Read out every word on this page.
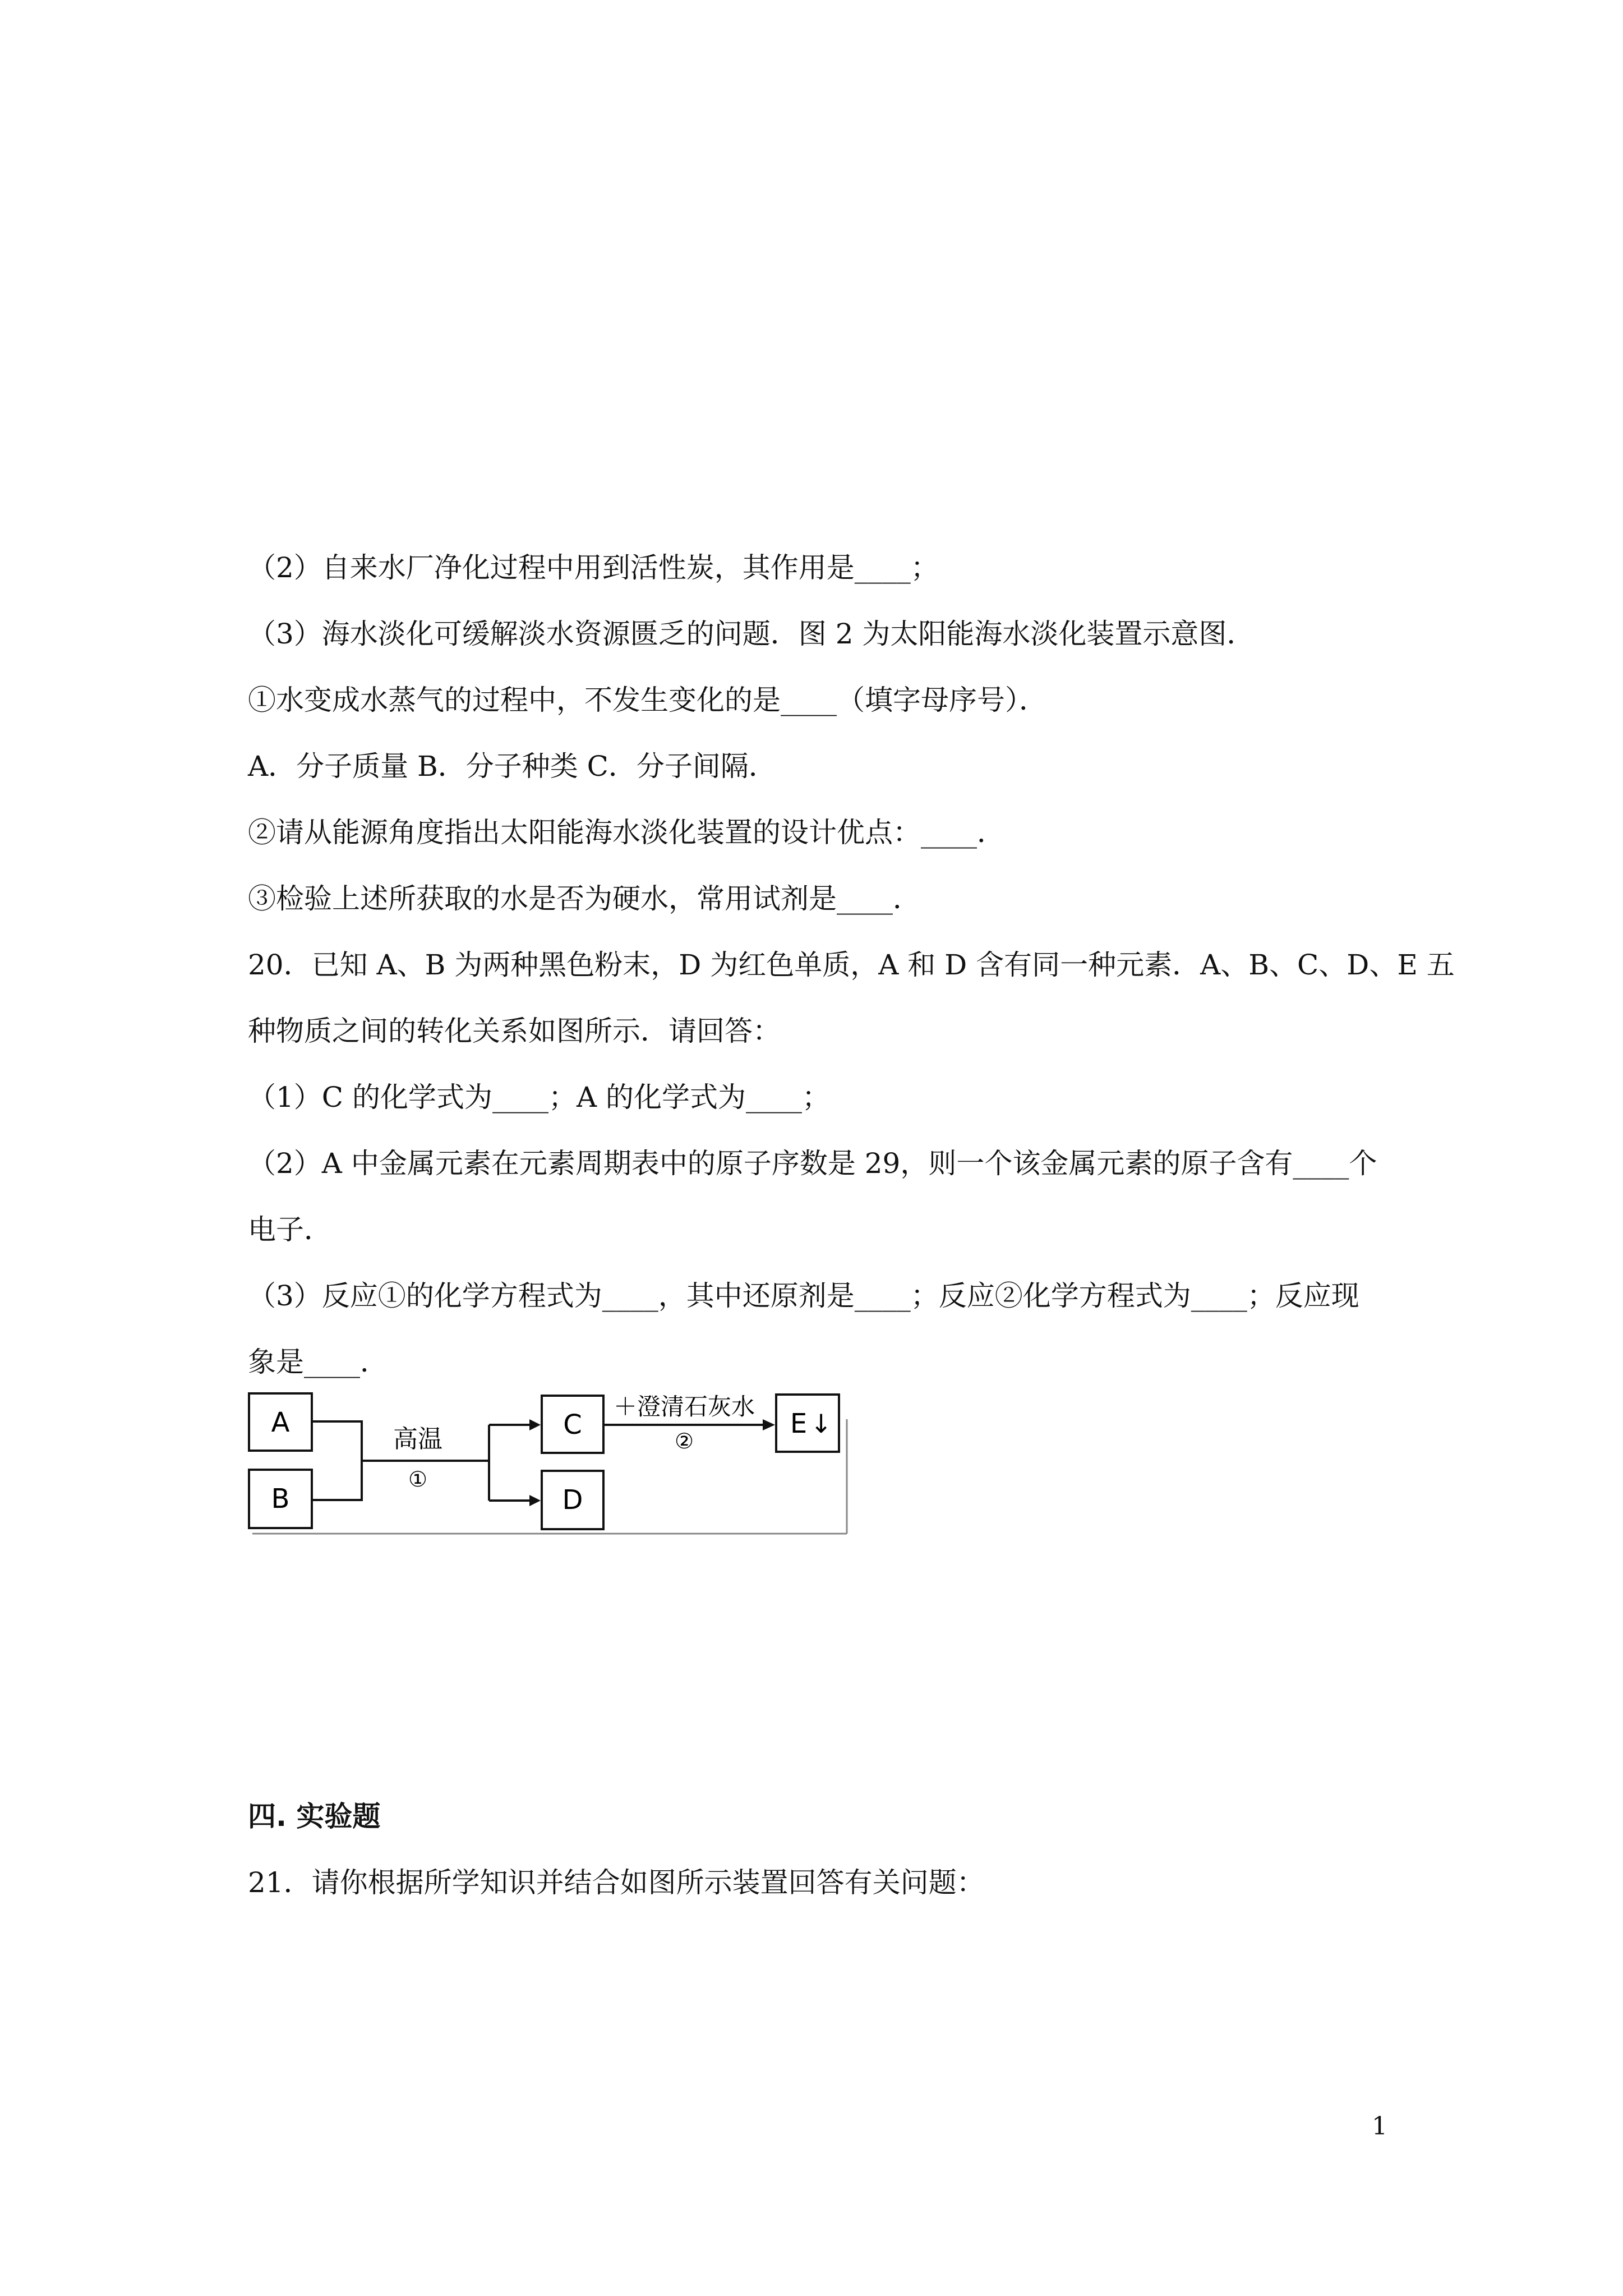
（2）自来水厂净化过程中用到活性炭，其作用是____；
（3）海水淡化可缓解淡水资源匮乏的问题．图 2 为太阳能海水淡化装置示意图．
①水变成水蒸气的过程中，不发生变化的是____（填字母序号）．
A．分子质量 B．分子种类 C．分子间隔．
②请从能源角度指出太阳能海水淡化装置的设计优点：____．
③检验上述所获取的水是否为硬水，常用试剂是____．
20．已知 A、B 为两种黑色粉末，D 为红色单质，A 和 D 含有同一种元素．A、B、C、D、E 五
种物质之间的转化关系如图所示．请回答：
（1）C 的化学式为____；A 的化学式为____；
（2）A 中金属元素在元素周期表中的原子序数是 29，则一个该金属元素的原子含有____个
电子．
（3）反应①的化学方程式为____，其中还原剂是____；反应②化学方程式为____；反应现
象是____．
A
B
高温
①
C
D
＋澄清石灰水
②
E ↓
四. 实验题
21．请你根据所学知识并结合如图所示装置回答有关问题：
1
